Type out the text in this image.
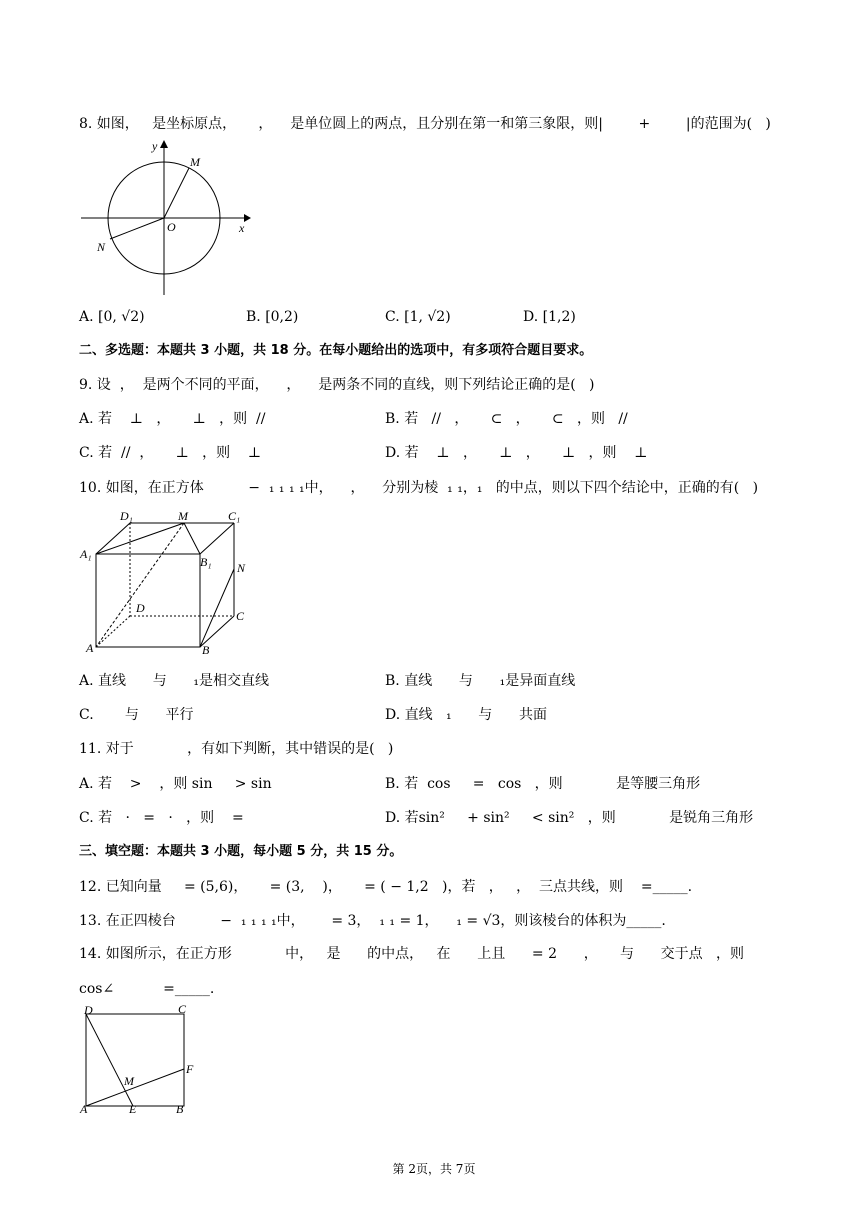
8. 如图，   是坐标原点，     ，    是单位圆上的两点，且分别在第一和第三象限，则|        +        |的范围为(   )
y
x
O
M
N
A. [0, √2)	B. [0,2)	C. [1, √2)	D. [1,2)
二、多选题：本题共 3 小题，共 18 分。在每小题给出的选项中，有多项符合题目要求。
9. 设  ，  是两个不同的平面，    ，    是两条不同的直线，则下列结论正确的是(   )
A. 若    ⊥   ，     ⊥   ，则  //	B. 若   //   ，     ⊂   ，     ⊂   ，则   //
C. 若  //  ，     ⊥   ，则    ⊥	D. 若    ⊥   ，     ⊥   ，     ⊥   ，则    ⊥
10. 如图，在正方体          −  ₁ ₁ ₁ ₁中，    ，    分别为棱  ₁ ₁，₁   的中点，则以下四个结论中，正确的有(   )
D₁	M	C₁
A₁
B₁ N
D
C
A	B
A. 直线      与      ₁是相交直线	B. 直线      与      ₁是异面直线
C.       与      平行	D. 直线   ₁      与      共面
11. 对于            ，有如下判断，其中错误的是(   )
A. 若    >    ，则 sin     > sin	B. 若  cos     =   cos   ，则            是等腰三角形
C. 若   ·   =   ·   ，则    =	D. 若sin²     + sin²     < sin²   ，则            是锐角三角形
三、填空题：本题共 3 小题，每小题 5 分，共 15 分。
12. 已知向量     = (5,6)，     = (3,    )，     = ( − 1,2   )，若   ，   ，  三点共线，则    =_____.
13. 在正四棱台          −  ₁ ₁ ₁ ₁中，      = 3，  ₁ ₁ = 1，    ₁ = √3，则该棱台的体积为_____.
14. 如图所示，在正方形            中，   是      的中点，   在      上且      = 2      ，     与      交于点   ，则
cos∠           =_____.
D	C
F
M
A	E	B
第 2页，共 7页
